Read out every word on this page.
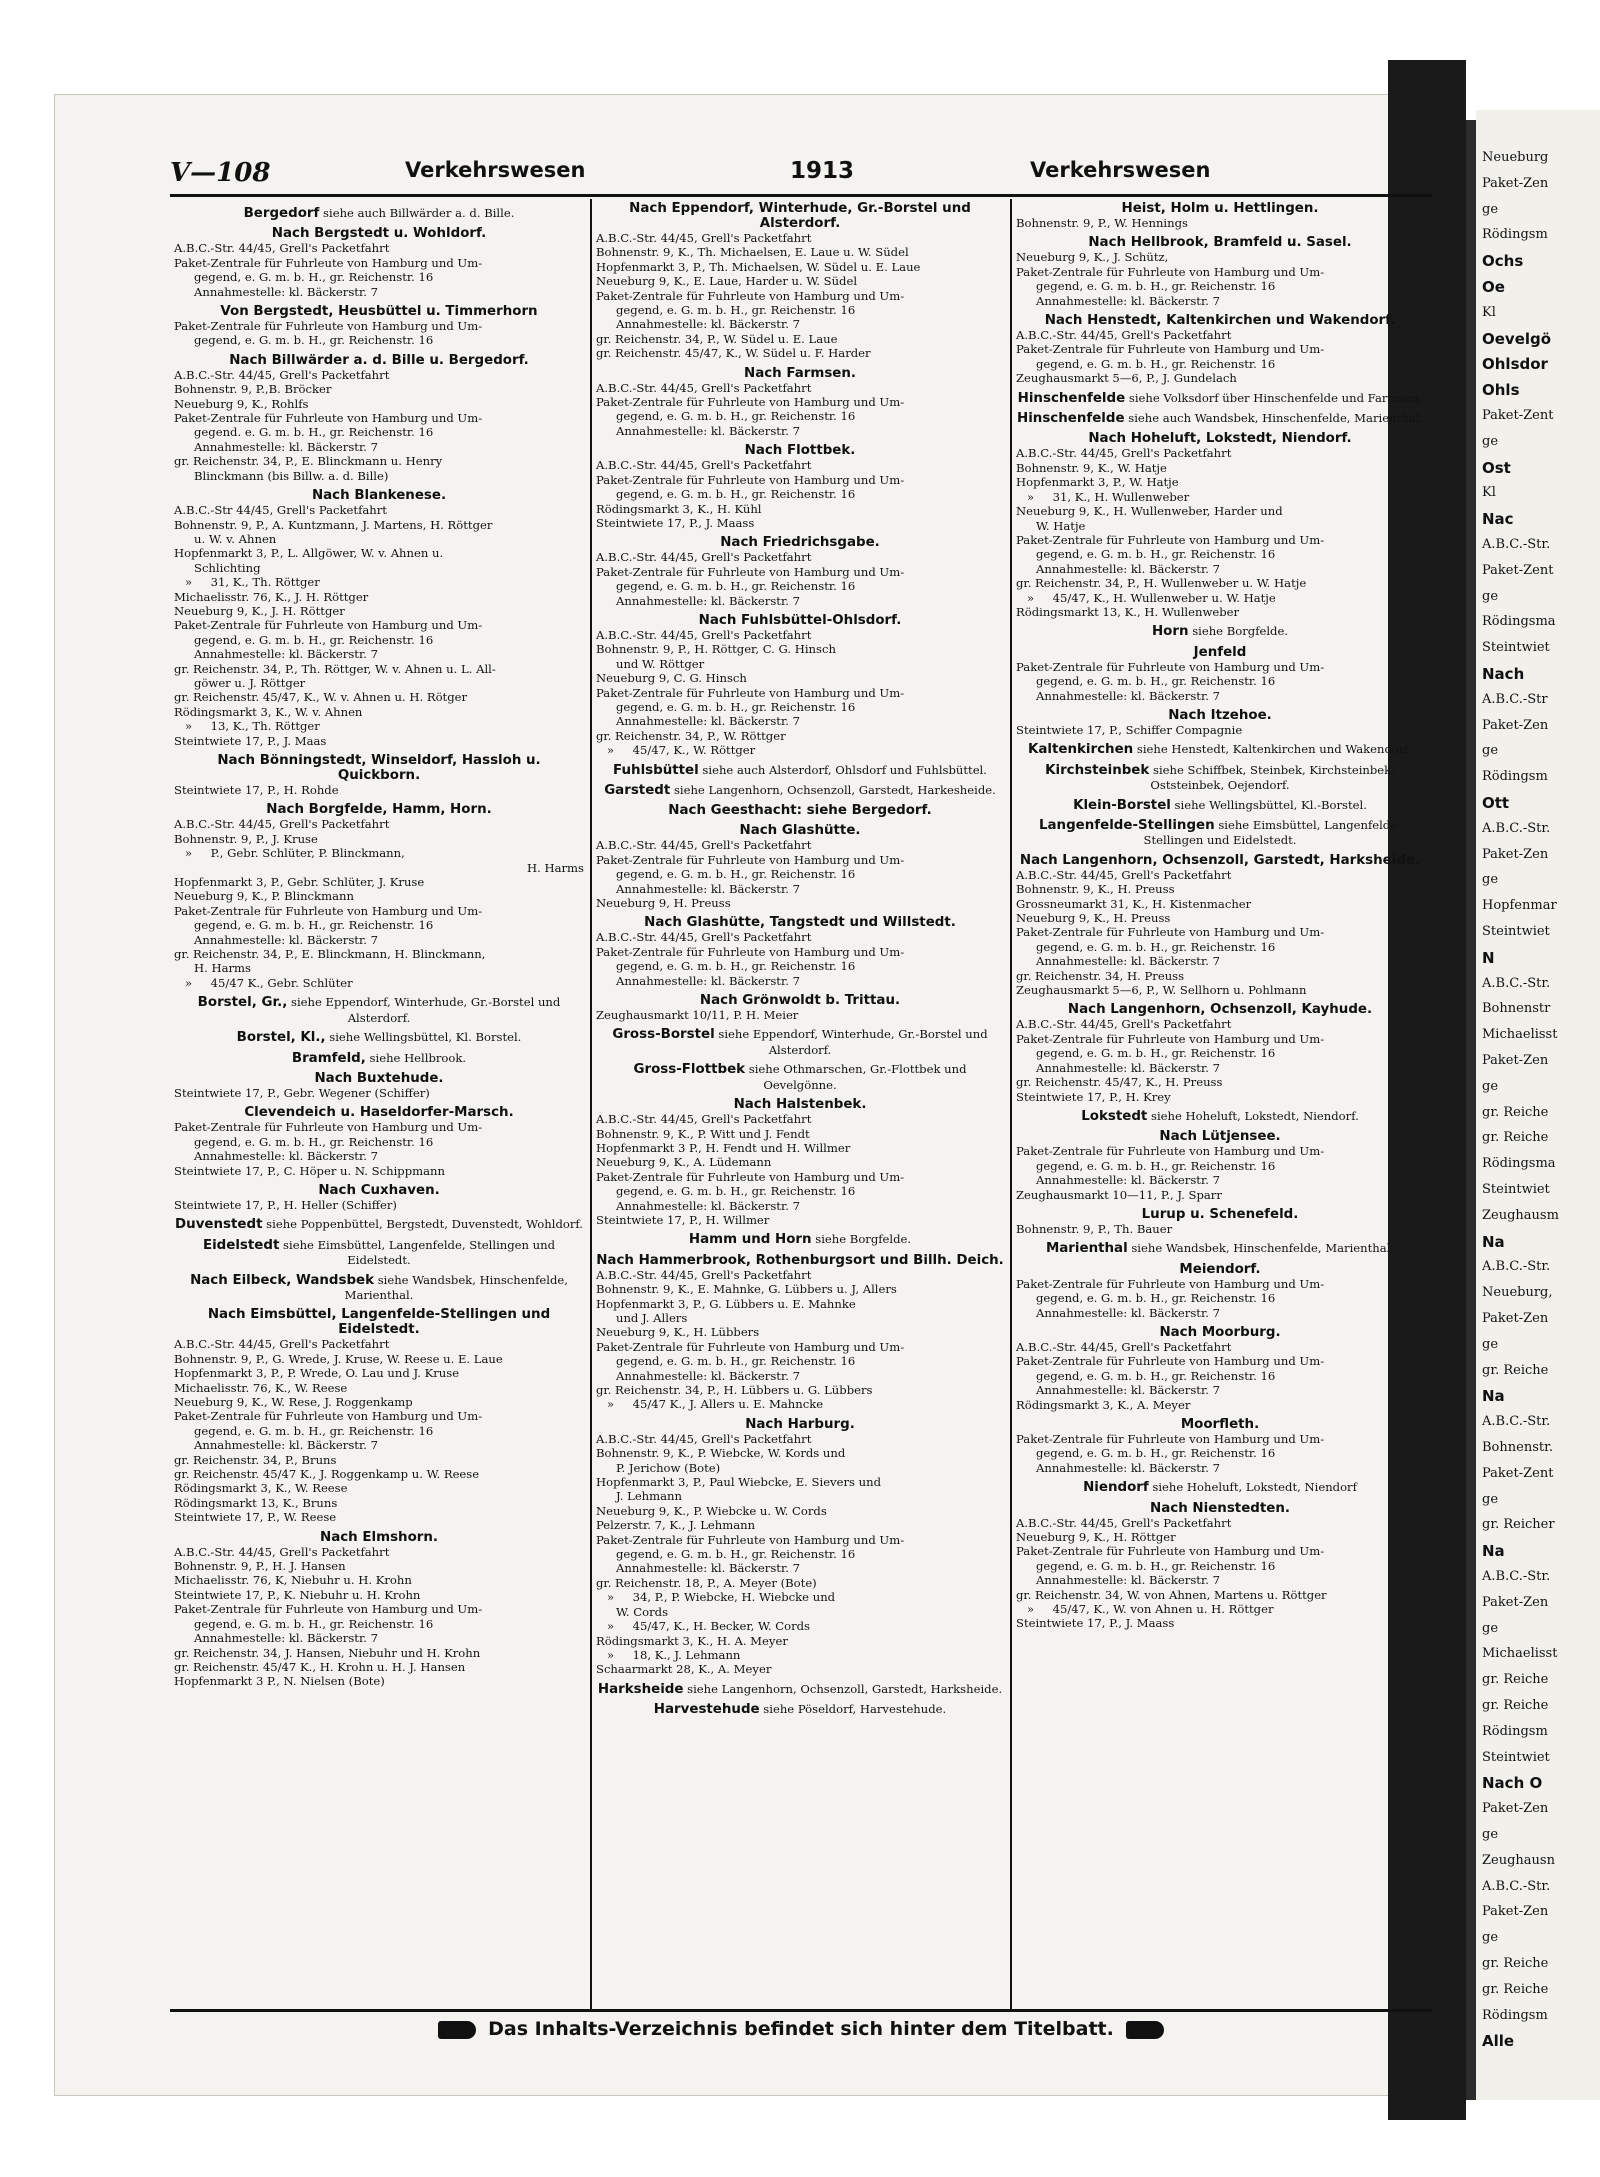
Neueburg
Paket-Zen
ge
Rödingsm
Ochs
Oe
Kl
Oevelgö
Ohlsdor
Ohls
Paket-Zent
ge
Ost
Kl
Nac
A.B.C.-Str.
Paket-Zent
ge
Rödingsma
Steintwiet
Nach
A.B.C.-Str
Paket-Zen
ge
Rödingsm
Ott
A.B.C.-Str.
Paket-Zen
ge
Hopfenmar
Steintwiet
N
A.B.C.-Str.
Bohnenstr
Michaelisst
Paket-Zen
ge
gr. Reiche
gr. Reiche
Rödingsma
Steintwiet
Zeughausm
Na
A.B.C.-Str.
Neueburg,
Paket-Zen
ge
gr. Reiche
Na
A.B.C.-Str.
Bohnenstr.
Paket-Zent
ge
gr. Reicher
Na
A.B.C.-Str.
Paket-Zen
ge
Michaelisst
gr. Reiche
gr. Reiche
Rödingsm
Steintwiet
Nach O
Paket-Zen
ge
Zeughausn
A.B.C.-Str.
Paket-Zen
ge
gr. Reiche
gr. Reiche
Rödingsm
Alle
V—108	Verkehrswesen	1913	Verkehrswesen

Bergedorf siehe auch Billwärder a. d. Bille.

Nach Bergstedt u. Wohldorf.

A.B.C.-Str. 44/45, Grell's Packetfahrt

Paket-Zentrale für Fuhrleute von Hamburg und Um-

gegend, e. G. m. b. H., gr. Reichenstr. 16

Annahmestelle: kl. Bäckerstr. 7

Von Bergstedt, Heusbüttel u. Timmerhorn

Paket-Zentrale für Fuhrleute von Hamburg und Um-

gegend, e. G. m. b. H., gr. Reichenstr. 16

Nach Billwärder a. d. Bille u. Bergedorf.

A.B.C.-Str. 44/45, Grell's Packetfahrt

Bohnenstr. 9, P.,B. Bröcker

Neueburg 9, K., Rohlfs

Paket-Zentrale für Fuhrleute von Hamburg und Um-

gegend. e. G. m. b. H., gr. Reichenstr. 16

Annahmestelle: kl. Bäckerstr. 7

gr. Reichenstr. 34, P., E. Blinckmann u. Henry

Blinckmann (bis Billw. a. d. Bille)

Nach Blankenese.

A.B.C.-Str 44/45, Grell's Packetfahrt

Bohnenstr. 9, P., A. Kuntzmann, J. Martens, H. Röttger

u. W. v. Ahnen

Hopfenmarkt 3, P., L. Allgöwer, W. v. Ahnen u.

Schlichting

»     31, K., Th. Röttger

Michaelisstr. 76, K., J. H. Röttger

Neueburg 9, K., J. H. Röttger

Paket-Zentrale für Fuhrleute von Hamburg und Um-

gegend, e. G. m. b. H., gr. Reichenstr. 16

Annahmestelle: kl. Bäckerstr. 7

gr. Reichenstr. 34, P., Th. Röttger, W. v. Ahnen u. L. All-

göwer u. J. Röttger

gr. Reichenstr. 45/47, K., W. v. Ahnen u. H. Rötger

Rödingsmarkt 3, K., W. v. Ahnen

»     13, K., Th. Röttger

Steintwiete 17, P., J. Maas

Nach Bönningstedt, Winseldorf, Hassloh u. Quickborn.

Steintwiete 17, P., H. Rohde

Nach Borgfelde, Hamm, Horn.

A.B.C.-Str. 44/45, Grell's Packetfahrt

Bohnenstr. 9, P., J. Kruse

»     P., Gebr. Schlüter, P. Blinckmann,

H. Harms

Hopfenmarkt 3, P., Gebr. Schlüter, J. Kruse

Neueburg 9, K., P. Blinckmann

Paket-Zentrale für Fuhrleute von Hamburg und Um-

gegend, e. G. m. b. H., gr. Reichenstr. 16

Annahmestelle: kl. Bäckerstr. 7

gr. Reichenstr. 34, P., E. Blinckmann, H. Blinckmann,

H. Harms

»     45/47 K., Gebr. Schlüter

Borstel, Gr., siehe Eppendorf, Winterhude, Gr.-Borstel und Alsterdorf.

Borstel, Kl., siehe Wellingsbüttel, Kl. Borstel.

Bramfeld, siehe Hellbrook.

Nach Buxtehude.

Steintwiete 17, P., Gebr. Wegener (Schiffer)

Clevendeich u. Haseldorfer-Marsch.

Paket-Zentrale für Fuhrleute von Hamburg und Um-

gegend, e. G. m. b. H., gr. Reichenstr. 16

Annahmestelle: kl. Bäckerstr. 7

Steintwiete 17, P., C. Höper u. N. Schippmann

Nach Cuxhaven.

Steintwiete 17, P., H. Heller (Schiffer)

Duvenstedt siehe Poppenbüttel, Bergstedt, Duvenstedt, Wohldorf.

Eidelstedt siehe Eimsbüttel, Langenfelde, Stellingen und Eidelstedt.

Nach Eilbeck, Wandsbek siehe Wandsbek, Hinschenfelde, Marienthal.

Nach Eimsbüttel, Langenfelde-Stellingen und Eidelstedt.

A.B.C.-Str. 44/45, Grell's Packetfahrt

Bohnenstr. 9, P., G. Wrede, J. Kruse, W. Reese u. E. Laue

Hopfenmarkt 3, P., P. Wrede, O. Lau und J. Kruse

Michaelisstr. 76, K., W. Reese

Neueburg 9, K., W. Rese, J. Roggenkamp

Paket-Zentrale für Fuhrleute von Hamburg und Um-

gegend, e. G. m. b. H., gr. Reichenstr. 16

Annahmestelle: kl. Bäckerstr. 7

gr. Reichenstr. 34, P., Bruns

gr. Reichenstr. 45/47 K., J. Roggenkamp u. W. Reese

Rödingsmarkt 3, K., W. Reese

Rödingsmarkt 13, K., Bruns

Steintwiete 17, P., W. Reese

Nach Elmshorn.

A.B.C.-Str. 44/45, Grell's Packetfahrt

Bohnenstr. 9, P., H. J. Hansen

Michaelisstr. 76, K, Niebuhr u. H. Krohn

Steintwiete 17, P., K. Niebuhr u. H. Krohn

Paket-Zentrale für Fuhrleute von Hamburg und Um-

gegend, e. G. m. b. H., gr. Reichenstr. 16

Annahmestelle: kl. Bäckerstr. 7

gr. Reichenstr. 34, J. Hansen, Niebuhr und H. Krohn

gr. Reichenstr. 45/47 K., H. Krohn u. H. J. Hansen

Hopfenmarkt 3 P., N. Nielsen (Bote)

Nach Eppendorf, Winterhude, Gr.-Borstel und Alsterdorf.

A.B.C.-Str. 44/45, Grell's Packetfahrt

Bohnenstr. 9, K., Th. Michaelsen, E. Laue u. W. Südel

Hopfenmarkt 3, P., Th. Michaelsen, W. Südel u. E. Laue

Neueburg 9, K., E. Laue, Harder u. W. Südel

Paket-Zentrale für Fuhrleute von Hamburg und Um-

gegend, e. G. m. b. H., gr. Reichenstr. 16

Annahmestelle: kl. Bäckerstr. 7

gr. Reichenstr. 34, P., W. Südel u. E. Laue

gr. Reichenstr. 45/47, K., W. Südel u. F. Harder

Nach Farmsen.

A.B.C.-Str. 44/45, Grell's Packetfahrt

Paket-Zentrale für Fuhrleute von Hamburg und Um-

gegend, e. G. m. b. H., gr. Reichenstr. 16

Annahmestelle: kl. Bäckerstr. 7

Nach Flottbek.

A.B.C.-Str. 44/45, Grell's Packetfahrt

Paket-Zentrale für Fuhrleute von Hamburg und Um-

gegend, e. G. m. b. H., gr. Reichenstr. 16

Rödingsmarkt 3, K., H. Kühl

Steintwiete 17, P., J. Maass

Nach Friedrichsgabe.

A.B.C.-Str. 44/45, Grell's Packetfahrt

Paket-Zentrale für Fuhrleute von Hamburg und Um-

gegend, e. G. m. b. H., gr. Reichenstr. 16

Annahmestelle: kl. Bäckerstr. 7

Nach Fuhlsbüttel-Ohlsdorf.

A.B.C.-Str. 44/45, Grell's Packetfahrt

Bohnenstr. 9, P., H. Röttger, C. G. Hinsch

und W. Röttger

Neueburg 9, C. G. Hinsch

Paket-Zentrale für Fuhrleute von Hamburg und Um-

gegend, e. G. m. b. H., gr. Reichenstr. 16

Annahmestelle: kl. Bäckerstr. 7

gr. Reichenstr. 34, P., W. Röttger

»     45/47, K., W. Röttger

Fuhlsbüttel siehe auch Alsterdorf, Ohlsdorf und Fuhlsbüttel.

Garstedt siehe Langenhorn, Ochsenzoll, Garstedt, Harkesheide.

Nach Geesthacht: siehe Bergedorf.

Nach Glashütte.

A.B.C.-Str. 44/45, Grell's Packetfahrt

Paket-Zentrale für Fuhrleute von Hamburg und Um-

gegend, e. G. m. b. H., gr. Reichenstr. 16

Annahmestelle: kl. Bäckerstr. 7

Neueburg 9, H. Preuss

Nach Glashütte, Tangstedt und Willstedt.

A.B.C.-Str. 44/45, Grell's Packetfahrt

Paket-Zentrale für Fuhrleute von Hamburg und Um-

gegend, e. G. m. b. H., gr. Reichenstr. 16

Annahmestelle: kl. Bäckerstr. 7

Nach Grönwoldt b. Trittau.

Zeughausmarkt 10/11, P. H. Meier

Gross-Borstel siehe Eppendorf, Winterhude, Gr.-Borstel und Alsterdorf.

Gross-Flottbek siehe Othmarschen, Gr.-Flottbek und Oevelgönne.

Nach Halstenbek.

A.B.C.-Str. 44/45, Grell's Packetfahrt

Bohnenstr. 9, K., P. Witt und J. Fendt

Hopfenmarkt 3 P., H. Fendt und H. Willmer

Neueburg 9, K., A. Lüdemann

Paket-Zentrale für Fuhrleute von Hamburg und Um-

gegend, e. G. m. b. H., gr. Reichenstr. 16

Annahmestelle: kl. Bäckerstr. 7

Steintwiete 17, P., H. Willmer

Hamm und Horn siehe Borgfelde.

Nach Hammerbrook, Rothenburgsort und Billh. Deich.

A.B.C.-Str. 44/45, Grell's Packetfahrt

Bohnenstr. 9, K., E. Mahnke, G. Lübbers u. J, Allers

Hopfenmarkt 3, P., G. Lübbers u. E. Mahnke

und J. Allers

Neueburg 9, K., H. Lübbers

Paket-Zentrale für Fuhrleute von Hamburg und Um-

gegend, e. G. m. b. H., gr. Reichenstr. 16

Annahmestelle: kl. Bäckerstr. 7

gr. Reichenstr. 34, P., H. Lübbers u. G. Lübbers

»     45/47 K., J. Allers u. E. Mahncke

Nach Harburg.

A.B.C.-Str. 44/45, Grell's Packetfahrt

Bohnenstr. 9, K., P. Wiebcke, W. Kords und

P. Jerichow (Bote)

Hopfenmarkt 3, P., Paul Wiebcke, E. Sievers und

J. Lehmann

Neueburg 9, K., P. Wiebcke u. W. Cords

Pelzerstr. 7, K., J. Lehmann

Paket-Zentrale für Fuhrleute von Hamburg und Um-

gegend, e. G. m. b. H., gr. Reichenstr. 16

Annahmestelle: kl. Bäckerstr. 7

gr. Reichenstr. 18, P., A. Meyer (Bote)

»     34, P., P. Wiebcke, H. Wiebcke und

W. Cords

»     45/47, K., H. Becker, W. Cords

Rödingsmarkt 3, K., H. A. Meyer

»     18, K., J. Lehmann

Schaarmarkt 28, K., A. Meyer

Harksheide siehe Langenhorn, Ochsenzoll, Garstedt, Harksheide.

Harvestehude siehe Pöseldorf, Harvestehude.

Heist, Holm u. Hettlingen.

Bohnenstr. 9, P., W. Hennings

Nach Hellbrook, Bramfeld u. Sasel.

Neueburg 9, K., J. Schütz,

Paket-Zentrale für Fuhrleute von Hamburg und Um-

gegend, e. G. m. b. H., gr. Reichenstr. 16

Annahmestelle: kl. Bäckerstr. 7

Nach Henstedt, Kaltenkirchen und Wakendorf.

A.B.C.-Str. 44/45, Grell's Packetfahrt

Paket-Zentrale für Fuhrleute von Hamburg und Um-

gegend, e. G. m. b. H., gr. Reichenstr. 16

Zeughausmarkt 5—6, P., J. Gundelach

Hinschenfelde siehe Volksdorf über Hinschenfelde und Farmsen.

Hinschenfelde siehe auch Wandsbek, Hinschenfelde, Marienthal.

Nach Hoheluft, Lokstedt, Niendorf.

A.B.C.-Str. 44/45, Grell's Packetfahrt

Bohnenstr. 9, K., W. Hatje

Hopfenmarkt 3, P., W. Hatje

»     31, K., H. Wullenweber

Neueburg 9, K., H. Wullenweber, Harder und

W. Hatje

Paket-Zentrale für Fuhrleute von Hamburg und Um-

gegend, e. G. m. b. H., gr. Reichenstr. 16

Annahmestelle: kl. Bäckerstr. 7

gr. Reichenstr. 34, P., H. Wullenweber u. W. Hatje

»     45/47, K., H. Wullenweber u. W. Hatje

Rödingsmarkt 13, K., H. Wullenweber

Horn siehe Borgfelde.

Jenfeld

Paket-Zentrale für Fuhrleute von Hamburg und Um-

gegend, e. G. m. b. H., gr. Reichenstr. 16

Annahmestelle: kl. Bäckerstr. 7

Nach Itzehoe.

Steintwiete 17, P., Schiffer Compagnie

Kaltenkirchen siehe Henstedt, Kaltenkirchen und Wakendorf.

Kirchsteinbek siehe Schiffbek, Steinbek, Kirchsteinbek, Oststeinbek, Oejendorf.

Klein-Borstel siehe Wellingsbüttel, Kl.-Borstel.

Langenfelde-Stellingen siehe Eimsbüttel, Langenfelde-Stellingen und Eidelstedt.

Nach Langenhorn, Ochsenzoll, Garstedt, Harksheide.

A.B.C.-Str. 44/45, Grell's Packetfahrt

Bohnenstr. 9, K., H. Preuss

Grossneumarkt 31, K., H. Kistenmacher

Neueburg 9, K., H. Preuss

Paket-Zentrale für Fuhrleute von Hamburg und Um-

gegend, e. G. m. b. H., gr. Reichenstr. 16

Annahmestelle: kl. Bäckerstr. 7

gr. Reichenstr. 34, H. Preuss

Zeughausmarkt 5—6, P., W. Sellhorn u. Pohlmann

Nach Langenhorn, Ochsenzoll, Kayhude.

A.B.C.-Str. 44/45, Grell's Packetfahrt

Paket-Zentrale für Fuhrleute von Hamburg und Um-

gegend, e. G. m. b. H., gr. Reichenstr. 16

Annahmestelle: kl. Bäckerstr. 7

gr. Reichenstr. 45/47, K., H. Preuss

Steintwiete 17, P., H. Krey

Lokstedt siehe Hoheluft, Lokstedt, Niendorf.

Nach Lütjensee.

Paket-Zentrale für Fuhrleute von Hamburg und Um-

gegend, e. G. m. b. H., gr. Reichenstr. 16

Annahmestelle: kl. Bäckerstr. 7

Zeughausmarkt 10—11, P., J. Sparr

Lurup u. Schenefeld.

Bohnenstr. 9, P., Th. Bauer

Marienthal siehe Wandsbek, Hinschenfelde, Marienthal.

Meiendorf.

Paket-Zentrale für Fuhrleute von Hamburg und Um-

gegend, e. G. m. b. H., gr. Reichenstr. 16

Annahmestelle: kl. Bäckerstr. 7

Nach Moorburg.

A.B.C.-Str. 44/45, Grell's Packetfahrt

Paket-Zentrale für Fuhrleute von Hamburg und Um-

gegend, e. G. m. b. H., gr. Reichenstr. 16

Annahmestelle: kl. Bäckerstr. 7

Rödingsmarkt 3, K., A. Meyer

Moorfleth.

Paket-Zentrale für Fuhrleute von Hamburg und Um-

gegend, e. G. m. b. H., gr. Reichenstr. 16

Annahmestelle: kl. Bäckerstr. 7

Niendorf siehe Hoheluft, Lokstedt, Niendorf

Nach Nienstedten.

A.B.C.-Str. 44/45, Grell's Packetfahrt

Neueburg 9, K., H. Röttger

Paket-Zentrale für Fuhrleute von Hamburg und Um-

gegend, e. G. m. b. H., gr. Reichenstr. 16

Annahmestelle: kl. Bäckerstr. 7

gr. Reichenstr. 34, W. von Ahnen, Martens u. Röttger

»     45/47, K., W. von Ahnen u. H. Röttger

Steintwiete 17, P., J. Maass

Das Inhalts-Verzeichnis befindet sich hinter dem Titelbatt.
